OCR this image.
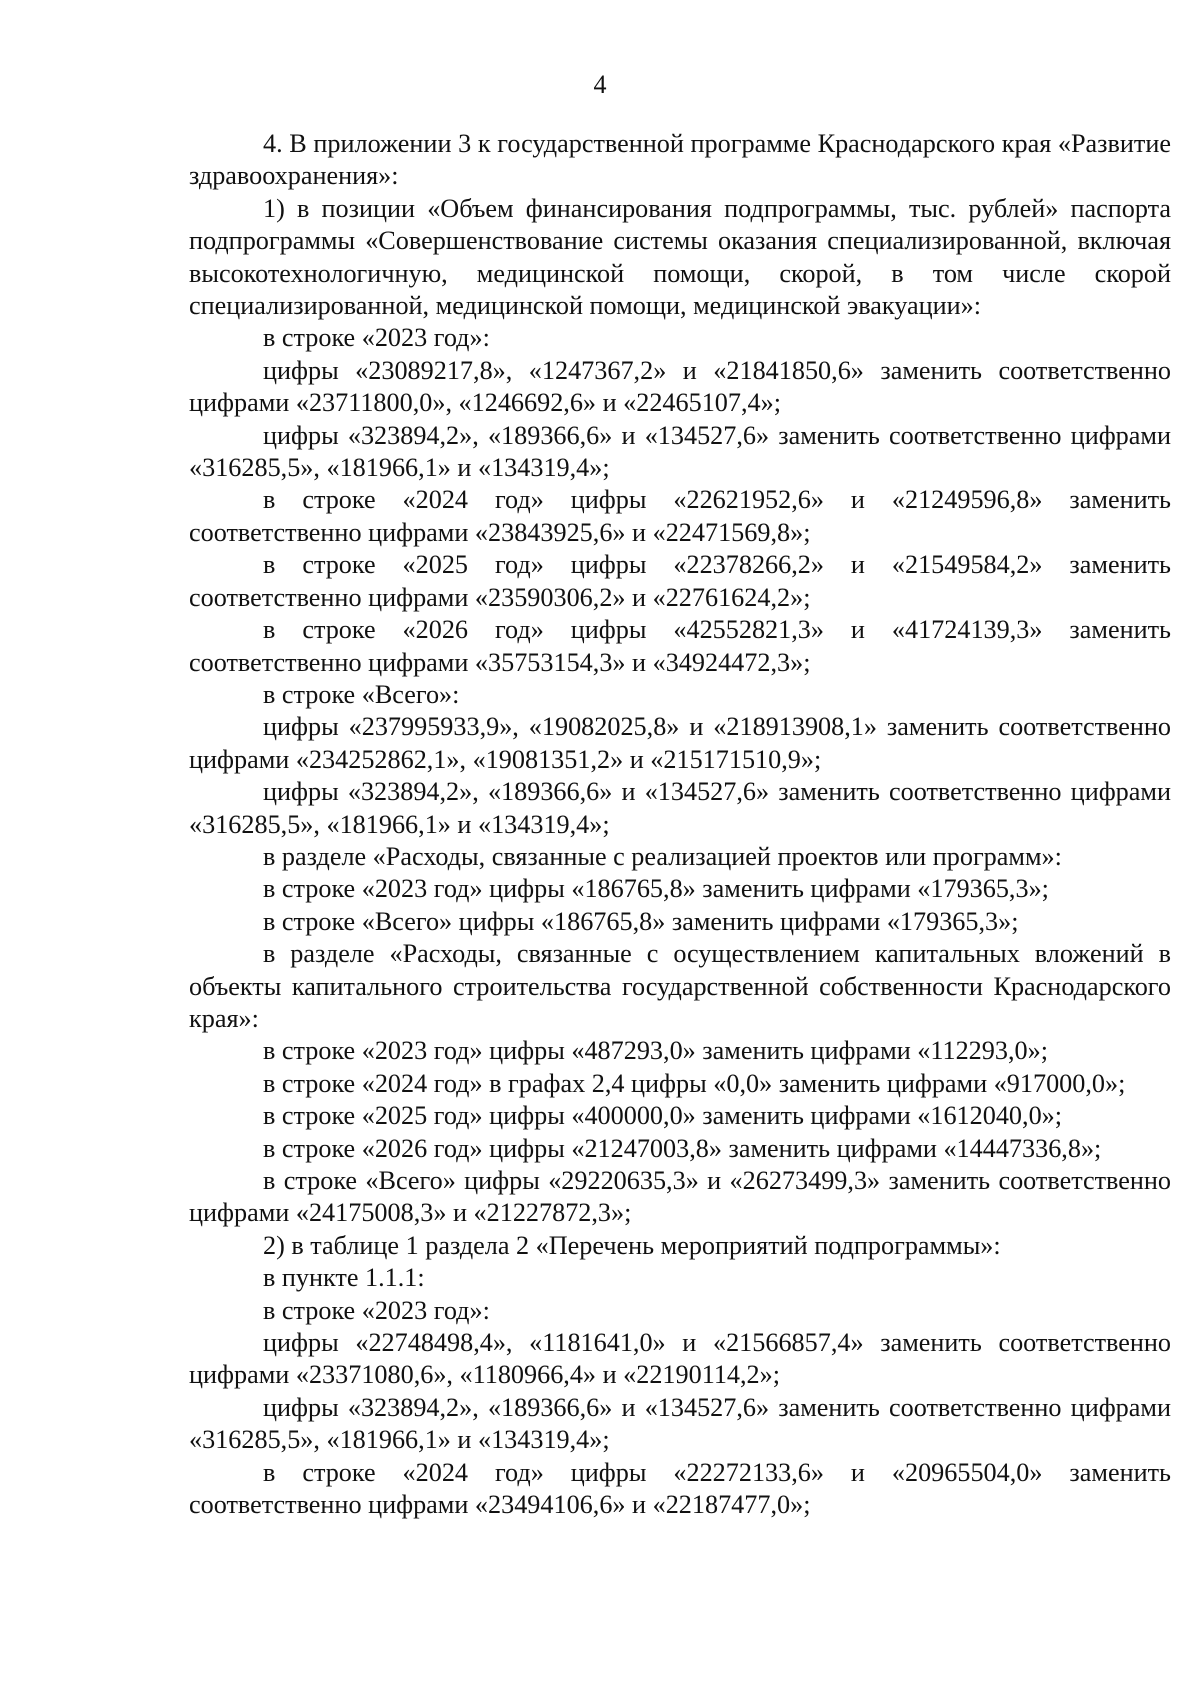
4

4. В приложении 3 к государственной программе Краснодарского края «Развитие здравоохранения»:

1) в позиции «Объем финансирования подпрограммы, тыс. рублей» паспорта подпрограммы «Совершенствование системы оказания специализированной, включая высокотехнологичную, медицинской помощи, скорой, в том числе скорой специализированной, медицинской помощи, медицинской эвакуации»:

в строке «2023 год»:

цифры «23089217,8», «1247367,2» и «21841850,6» заменить соответственно цифрами «23711800,0», «1246692,6» и «22465107,4»;

цифры «323894,2», «189366,6» и «134527,6» заменить соответственно цифрами «316285,5», «181966,1» и «134319,4»;

в строке «2024 год» цифры «22621952,6» и «21249596,8» заменить соответственно цифрами «23843925,6» и «22471569,8»;

в строке «2025 год» цифры «22378266,2» и «21549584,2» заменить соответственно цифрами «23590306,2» и «22761624,2»;

в строке «2026 год» цифры «42552821,3» и «41724139,3» заменить соответственно цифрами «35753154,3» и «34924472,3»;

в строке «Всего»:

цифры «237995933,9», «19082025,8» и «218913908,1» заменить соответственно цифрами «234252862,1», «19081351,2» и «215171510,9»;

цифры «323894,2», «189366,6» и «134527,6» заменить соответственно цифрами «316285,5», «181966,1» и «134319,4»;

в разделе «Расходы, связанные с реализацией проектов или программ»:

в строке «2023 год» цифры «186765,8» заменить цифрами «179365,3»;

в строке «Всего» цифры «186765,8» заменить цифрами «179365,3»;

в разделе «Расходы, связанные с осуществлением капитальных вложений в объекты капитального строительства государственной собственности Краснодарского края»:

в строке «2023 год» цифры «487293,0» заменить цифрами «112293,0»;

в строке «2024 год» в графах 2,4 цифры «0,0» заменить цифрами «917000,0»;

в строке «2025 год» цифры «400000,0» заменить цифрами «1612040,0»;

в строке «2026 год» цифры «21247003,8» заменить цифрами «14447336,8»;

в строке «Всего» цифры «29220635,3» и «26273499,3» заменить соответственно цифрами «24175008,3» и «21227872,3»;

2) в таблице 1 раздела 2 «Перечень мероприятий подпрограммы»:

в пункте 1.1.1:

в строке «2023 год»:

цифры «22748498,4», «1181641,0» и «21566857,4» заменить соответственно цифрами «23371080,6», «1180966,4» и «22190114,2»;

цифры «323894,2», «189366,6» и «134527,6» заменить соответственно цифрами «316285,5», «181966,1» и «134319,4»;

в строке «2024 год» цифры «22272133,6» и «20965504,0» заменить соответственно цифрами «23494106,6» и «22187477,0»;
